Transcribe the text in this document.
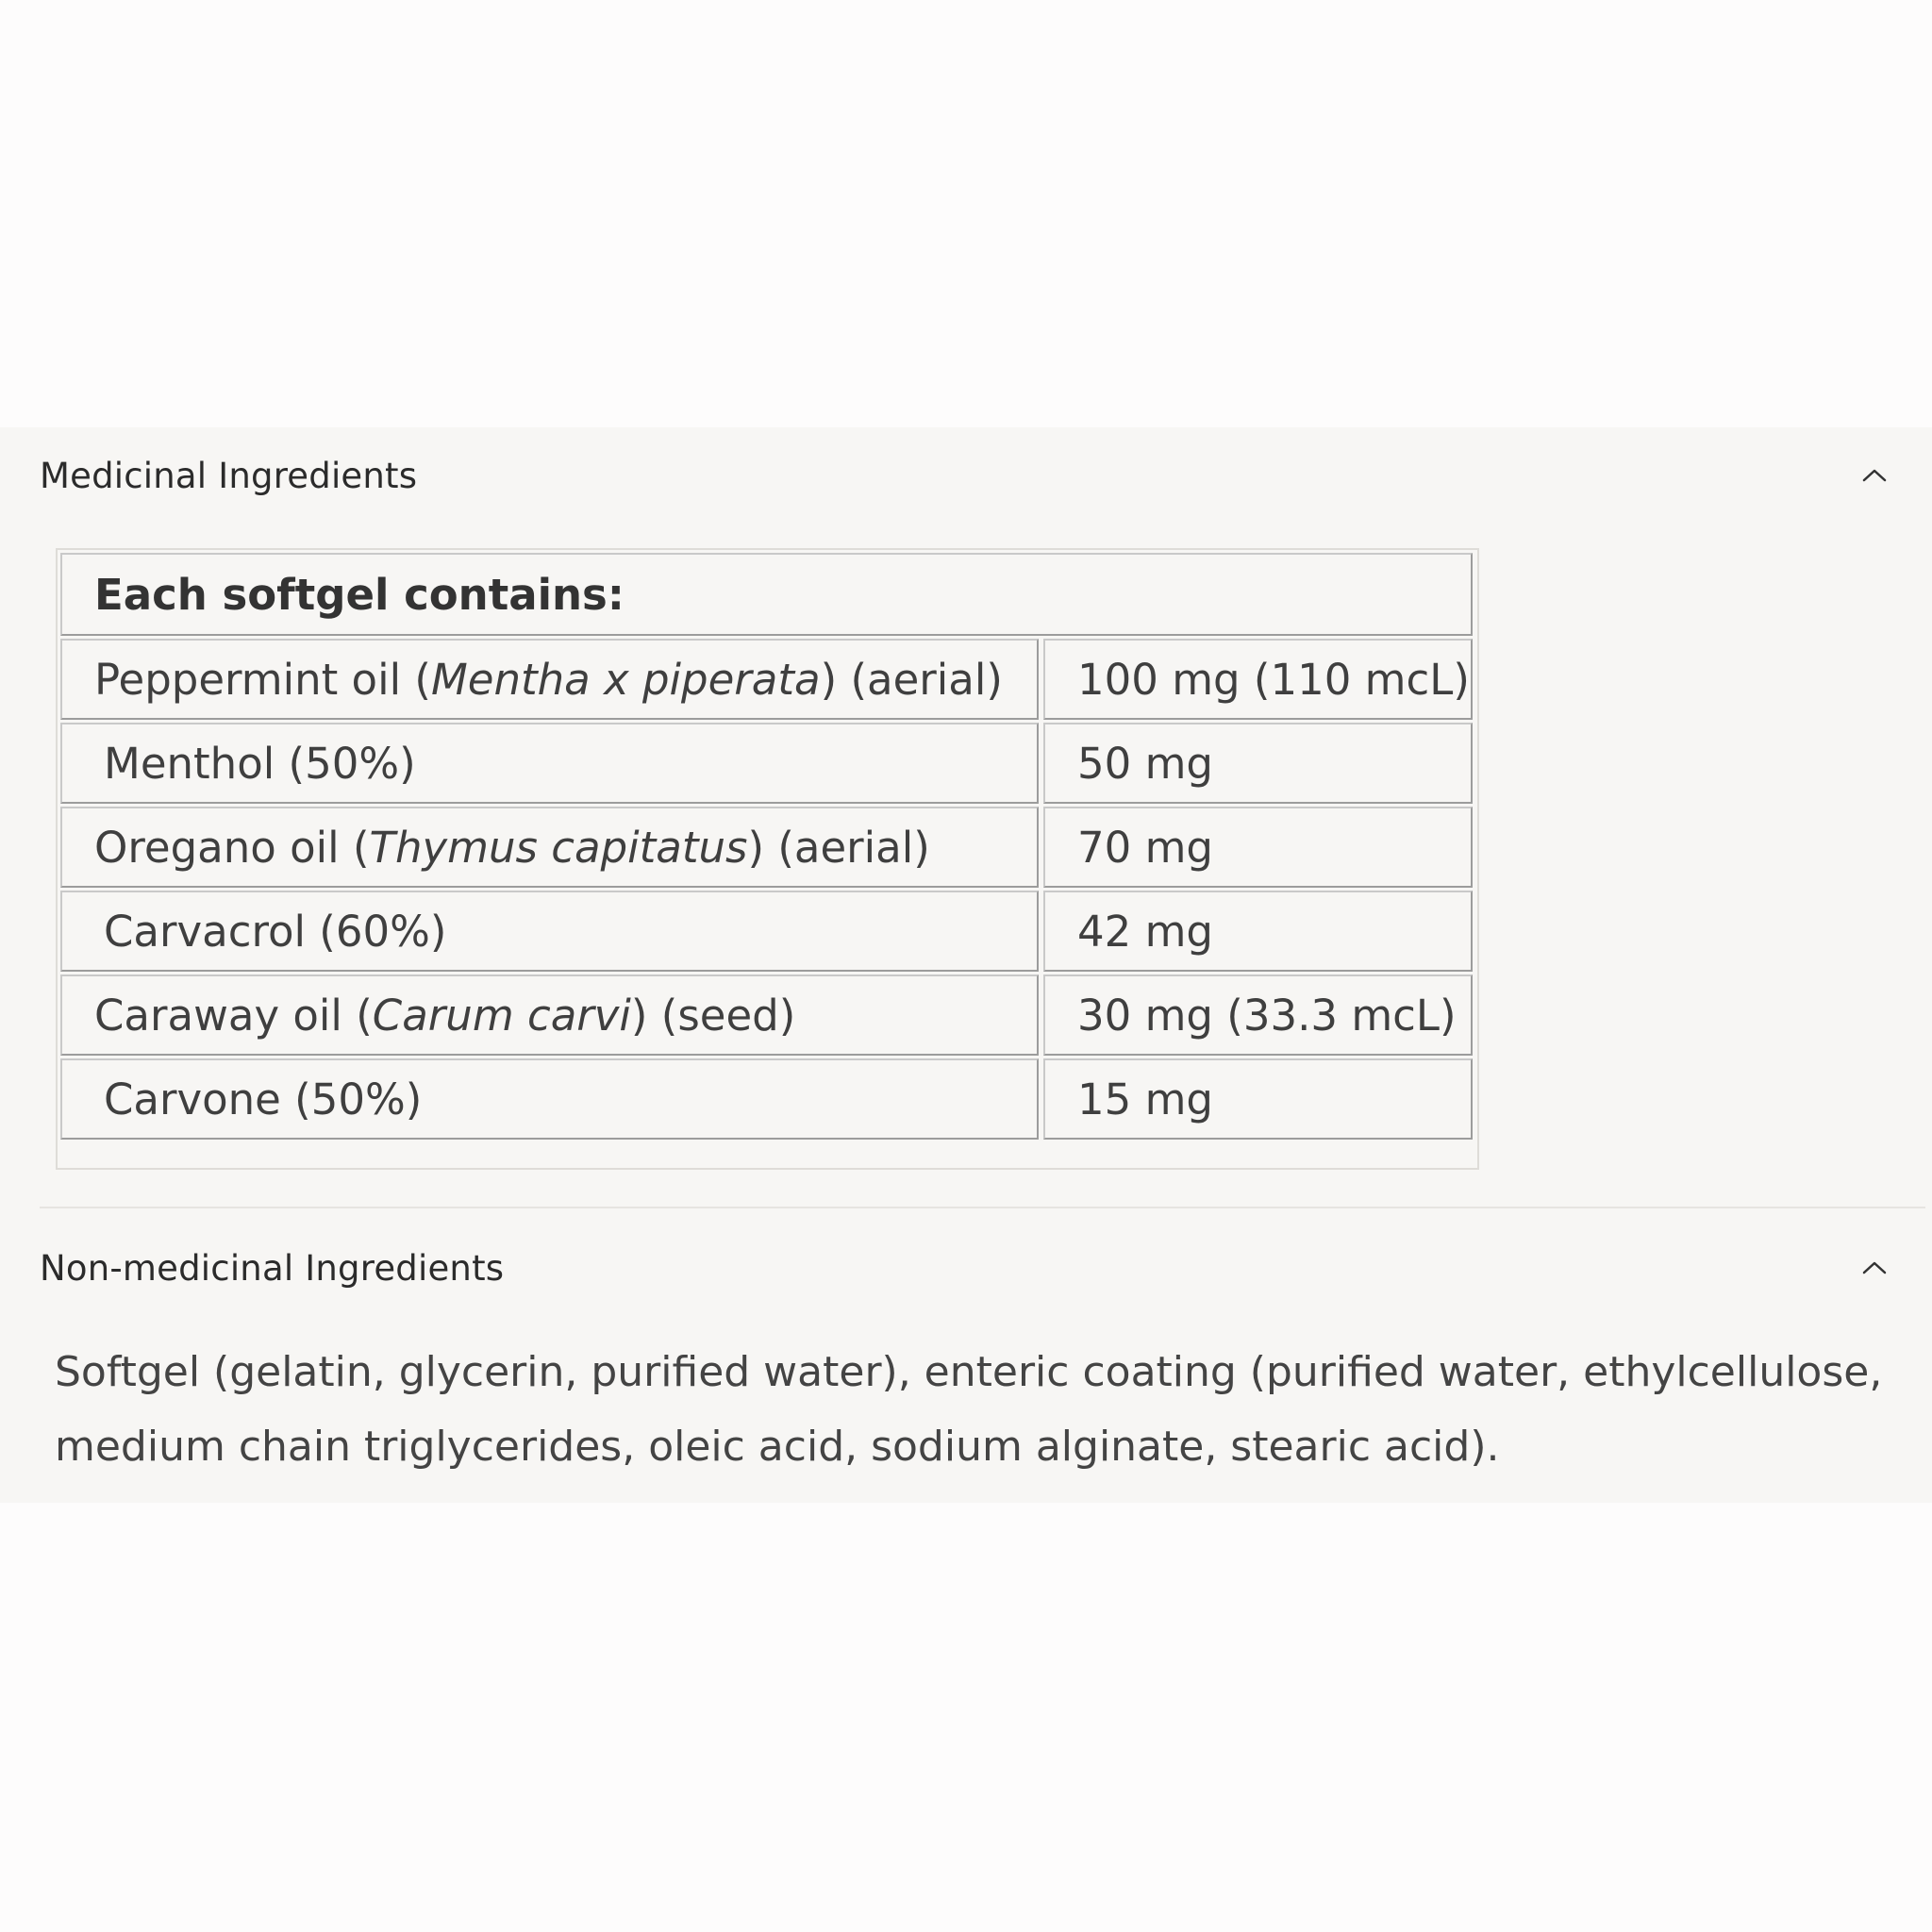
Medicinal Ingredients
Each softgel contains:	
Peppermint oil (Mentha x piperata) (aerial)	100 mg (110 mcL)
Menthol (50%)	50 mg
Oregano oil (Thymus capitatus) (aerial)	70 mg
Carvacrol (60%)	42 mg
Caraway oil (Carum carvi) (seed)	30 mg (33.3 mcL)
Carvone (50%)	15 mg
Non-medicinal Ingredients
Softgel (gelatin, glycerin, purified water), enteric coating (purified water, ethylcellulose, medium chain triglycerides, oleic acid, sodium alginate, stearic acid).
